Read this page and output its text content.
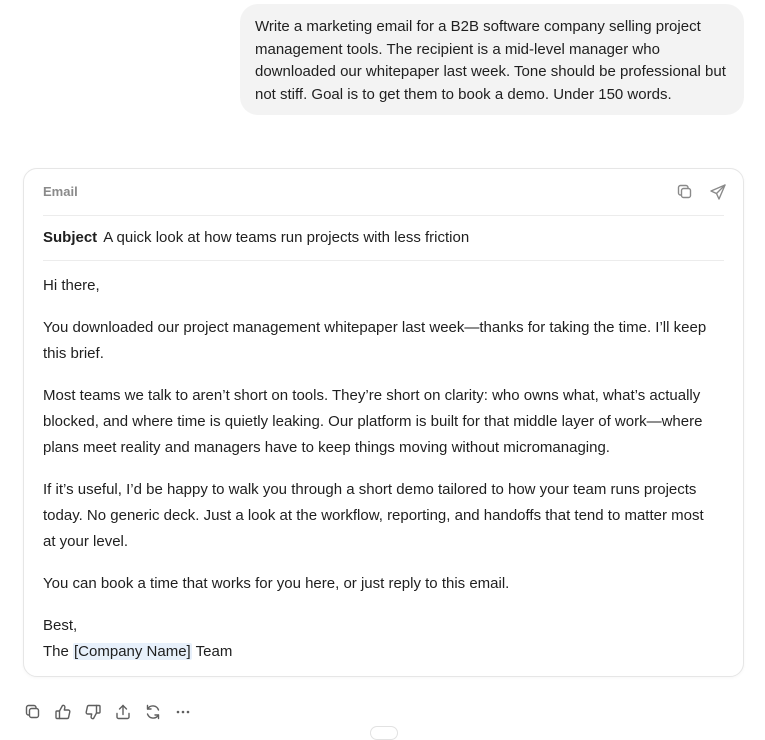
Write a marketing email for a B2B software company selling project management tools. The recipient is a mid-level manager who downloaded our whitepaper last week. Tone should be professional but not stiff. Goal is to get them to book a demo. Under 150 words.
Email
Subject A quick look at how teams run projects with less friction

Hi there,

You downloaded our project management whitepaper last week—thanks for taking the time. I’ll keep this brief.

Most teams we talk to aren’t short on tools. They’re short on clarity: who owns what, what’s actually blocked, and where time is quietly leaking. Our platform is built for that middle layer of work—where plans meet reality and managers have to keep things moving without micromanaging.

If it’s useful, I’d be happy to walk you through a short demo tailored to how your team runs projects today. No generic deck. Just a look at the workflow, reporting, and handoffs that tend to matter most at your level.

You can book a time that works for you here, or just reply to this email.

Best,

The [Company Name] Team
